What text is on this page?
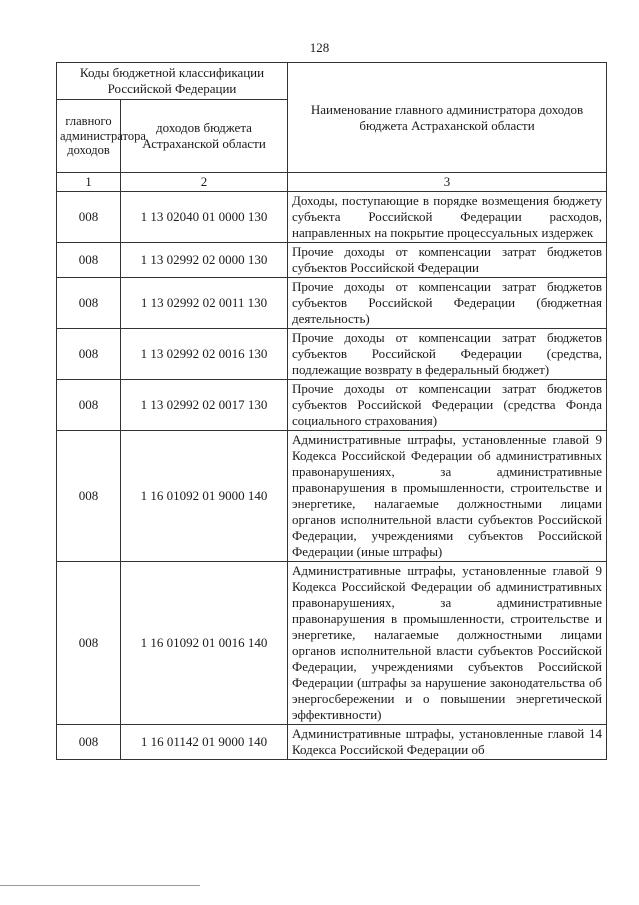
128
Коды бюджетной классификации Российской Федерации		Наименование главного администратора доходов бюджета Астраханской области
главного администратора доходов	доходов бюджета Астраханской области	
1	2	3
008	1 13 02040 01 0000 130	Доходы, поступающие в порядке возмещения бюджету субъекта Российской Федерации расходов, направленных на покрытие процессуальных издержек
008	1 13 02992 02 0000 130	Прочие доходы от компенсации затрат бюджетов субъектов Российской Федерации
008	1 13 02992 02 0011 130	Прочие доходы от компенсации затрат бюджетов субъектов Российской Федерации (бюджетная деятельность)
008	1 13 02992 02 0016 130	Прочие доходы от компенсации затрат бюджетов субъектов Российской Федерации (средства, подлежащие возврату в федеральный бюджет)
008	1 13 02992 02 0017 130	Прочие доходы от компенсации затрат бюджетов субъектов Российской Федерации (средства Фонда социального страхования)
008	1 16 01092 01 9000 140	Административные штрафы, установленные главой 9 Кодекса Российской Федерации об административных правонарушениях, за административные правонарушения в промышленности, строительстве и энергетике, налагаемые должностными лицами органов исполнительной власти субъектов Российской Федерации, учреждениями субъектов Российской Федерации (иные штрафы)
008	1 16 01092 01 0016 140	Административные штрафы, установленные главой 9 Кодекса Российской Федерации об административных правонарушениях, за административные правонарушения в промышленности, строительстве и энергетике, налагаемые должностными лицами органов исполнительной власти субъектов Российской Федерации, учреждениями субъектов Российской Федерации (штрафы за нарушение законодательства об энергосбережении и о повышении энергетической эффективности)
008	1 16 01142 01 9000 140	Административные штрафы, установленные главой 14 Кодекса Российской Федерации об
